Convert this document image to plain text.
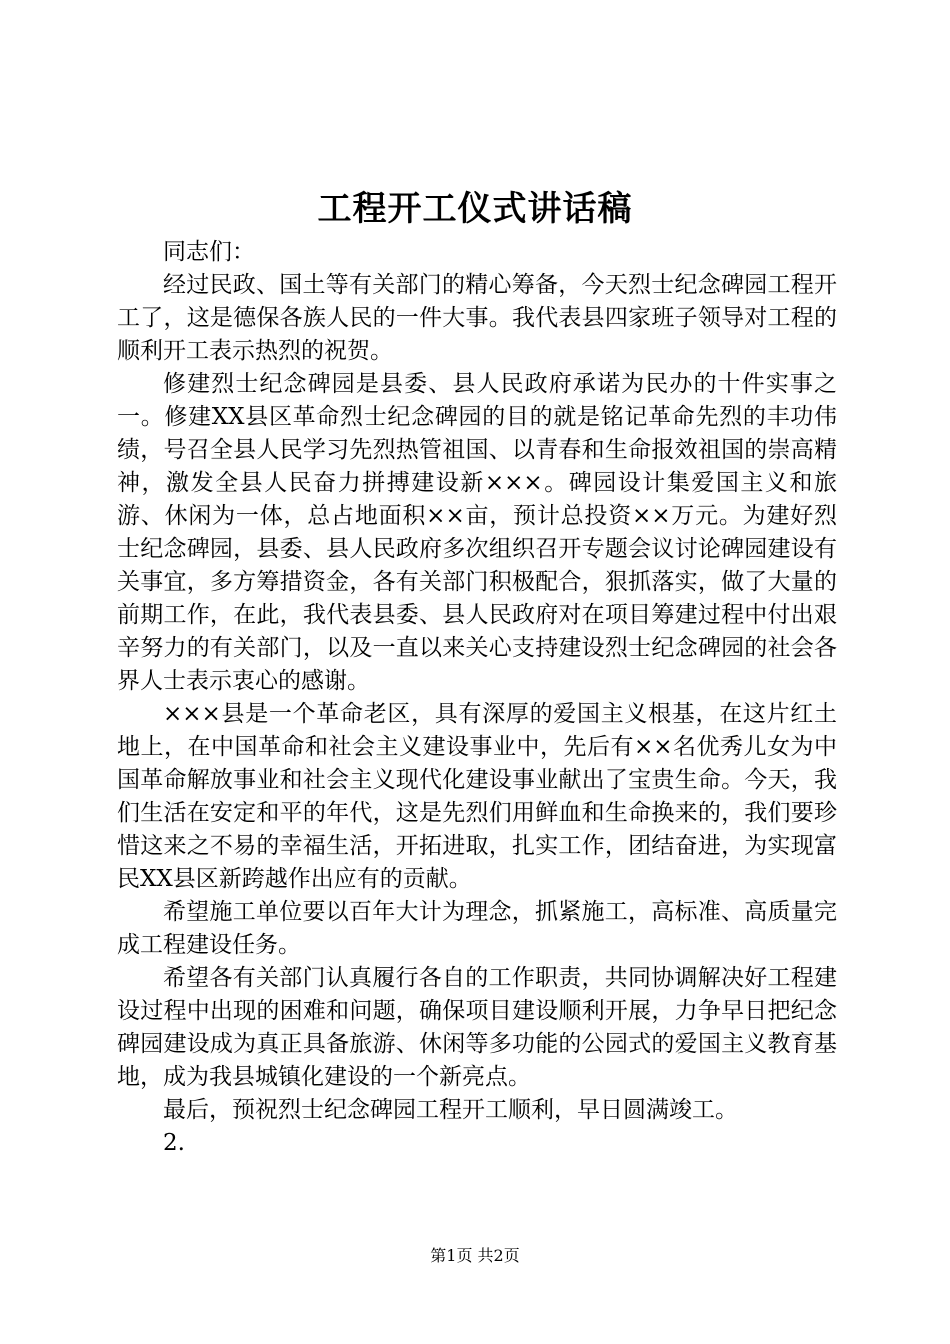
工程开工仪式讲话稿

同志们：

经过民政、国土等有关部门的精心筹备，今天烈士纪念碑园工程开工了，这是德保各族人民的一件大事。我代表县四家班子领导对工程的顺利开工表示热烈的祝贺。

修建烈士纪念碑园是县委、县人民政府承诺为民办的十件实事之一。修建XX县区革命烈士纪念碑园的目的就是铭记革命先烈的丰功伟绩，号召全县人民学习先烈热管祖国、以青春和生命报效祖国的崇高精神，激发全县人民奋力拼搏建设新×××。碑园设计集爱国主义和旅游、休闲为一体，总占地面积××亩，预计总投资××万元。为建好烈士纪念碑园，县委、县人民政府多次组织召开专题会议讨论碑园建设有关事宜，多方筹措资金，各有关部门积极配合，狠抓落实，做了大量的前期工作，在此，我代表县委、县人民政府对在项目筹建过程中付出艰辛努力的有关部门，以及一直以来关心支持建设烈士纪念碑园的社会各界人士表示衷心的感谢。

×××县是一个革命老区，具有深厚的爱国主义根基，在这片红土地上，在中国革命和社会主义建设事业中，先后有××名优秀儿女为中国革命解放事业和社会主义现代化建设事业献出了宝贵生命。今天，我们生活在安定和平的年代，这是先烈们用鲜血和生命换来的，我们要珍惜这来之不易的幸福生活，开拓进取，扎实工作，团结奋进，为实现富民XX县区新跨越作出应有的贡献。

希望施工单位要以百年大计为理念，抓紧施工，高标准、高质量完成工程建设任务。

希望各有关部门认真履行各自的工作职责，共同协调解决好工程建设过程中出现的困难和问题，确保项目建设顺利开展，力争早日把纪念碑园建设成为真正具备旅游、休闲等多功能的公园式的爱国主义教育基地，成为我县城镇化建设的一个新亮点。

最后，预祝烈士纪念碑园工程开工顺利，早日圆满竣工。

2.

第1页 共2页
